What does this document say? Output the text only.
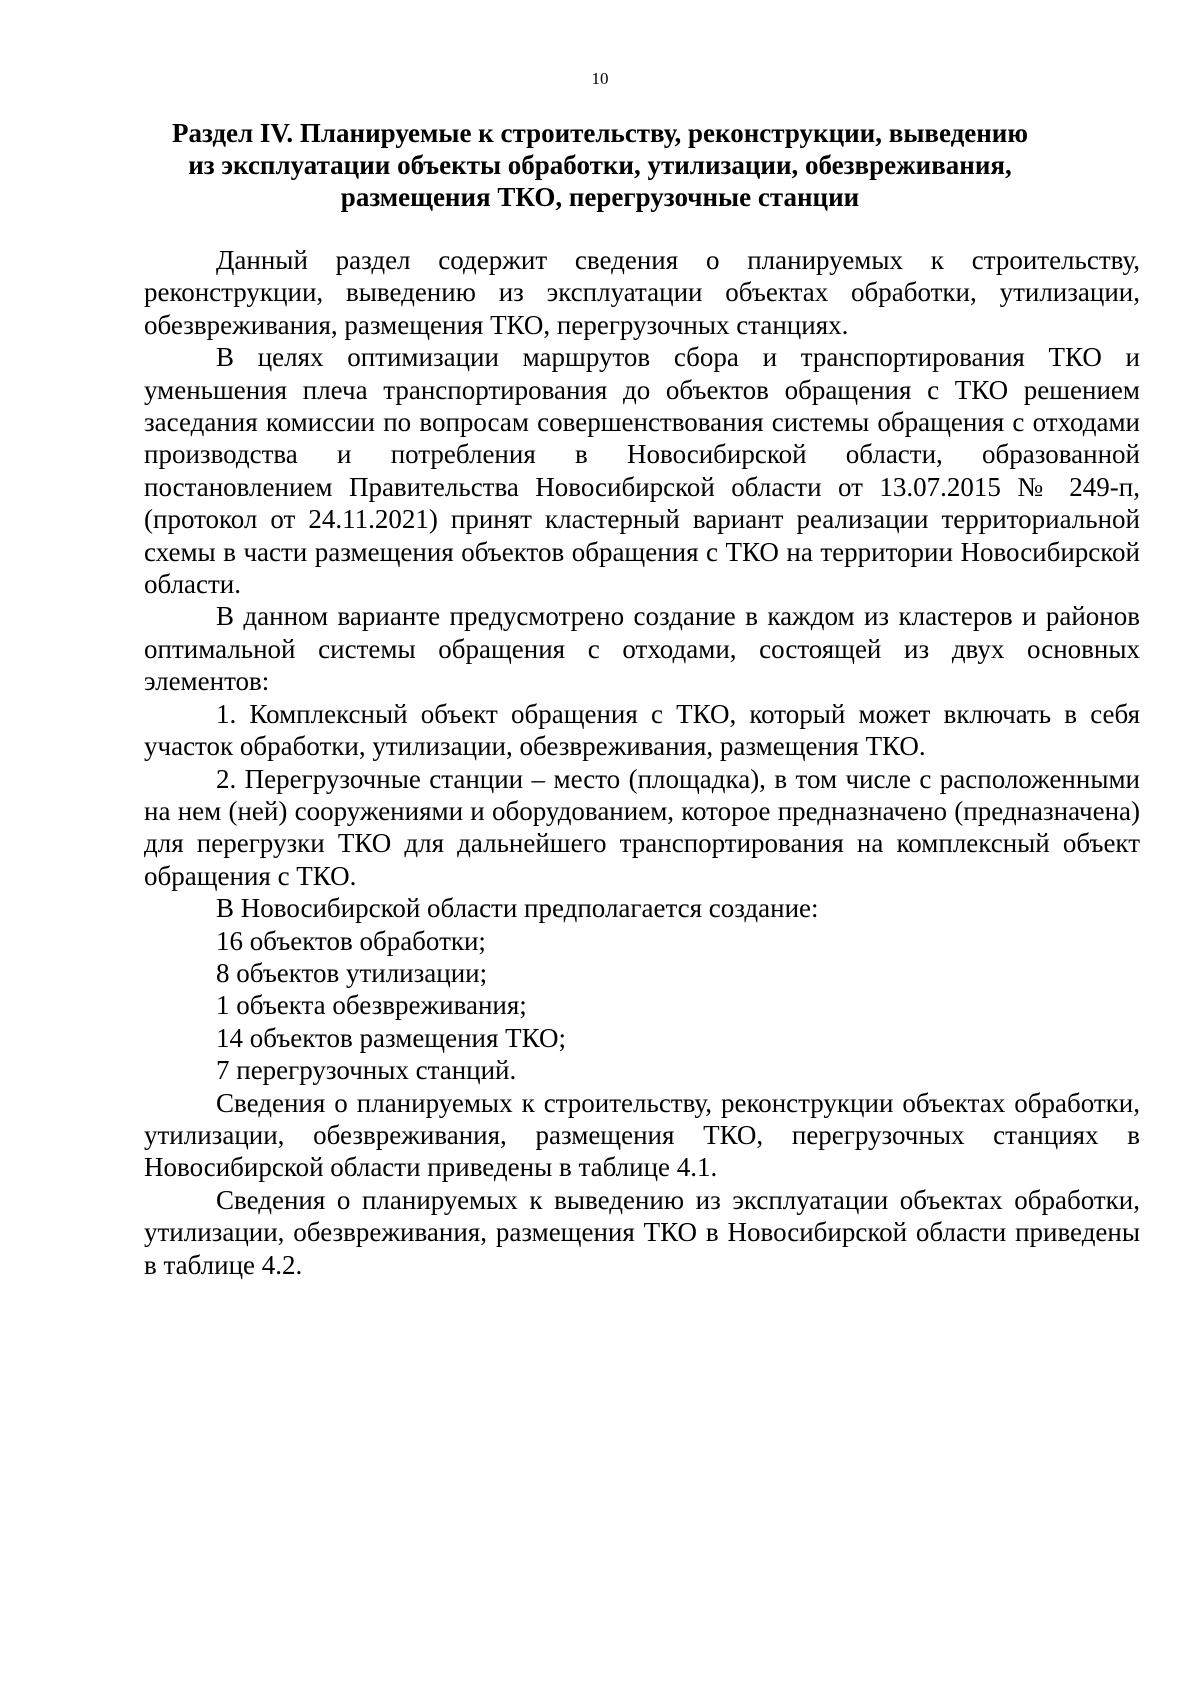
10
Раздел IV. Планируемые к строительству, реконструкции, выведению
из эксплуатации объекты обработки, утилизации, обезвреживания,
размещения ТКО, перегрузочные станции

Данный раздел содержит сведения о планируемых к строительству, реконструкции, выведению из эксплуатации объектах обработки, утилизации, обезвреживания, размещения ТКО, перегрузочных станциях.

В целях оптимизации маршрутов сбора и транспортирования ТКО и уменьшения плеча транспортирования до объектов обращения с ТКО решением заседания комиссии по вопросам совершенствования системы обращения с отходами производства и потребления в Новосибирской области, образованной постановлением Правительства Новосибирской области от 13.07.2015 № 249-п, (протокол от 24.11.2021) принят кластерный вариант реализации территориальной схемы в части размещения объектов обращения с ТКО на территории Новосибирской области.

В данном варианте предусмотрено создание в каждом из кластеров и районов оптимальной системы обращения с отходами, состоящей из двух основных элементов:

1. Комплексный объект обращения с ТКО, который может включать в себя участок обработки, утилизации, обезвреживания, размещения ТКО.

2. Перегрузочные станции – место (площадка), в том числе с расположенными на нем (ней) сооружениями и оборудованием, которое предназначено (предназначена) для перегрузки ТКО для дальнейшего транспортирования на комплексный объект обращения с ТКО.

В Новосибирской области предполагается создание:

16 объектов обработки;

8 объектов утилизации;

1 объекта обезвреживания;

14 объектов размещения ТКО;

7 перегрузочных станций.

Сведения о планируемых к строительству, реконструкции объектах обработки, утилизации, обезвреживания, размещения ТКО, перегрузочных станциях в Новосибирской области приведены в таблице 4.1.

Сведения о планируемых к выведению из эксплуатации объектах обработки, утилизации, обезвреживания, размещения ТКО в Новосибирской области приведены в таблице 4.2.
